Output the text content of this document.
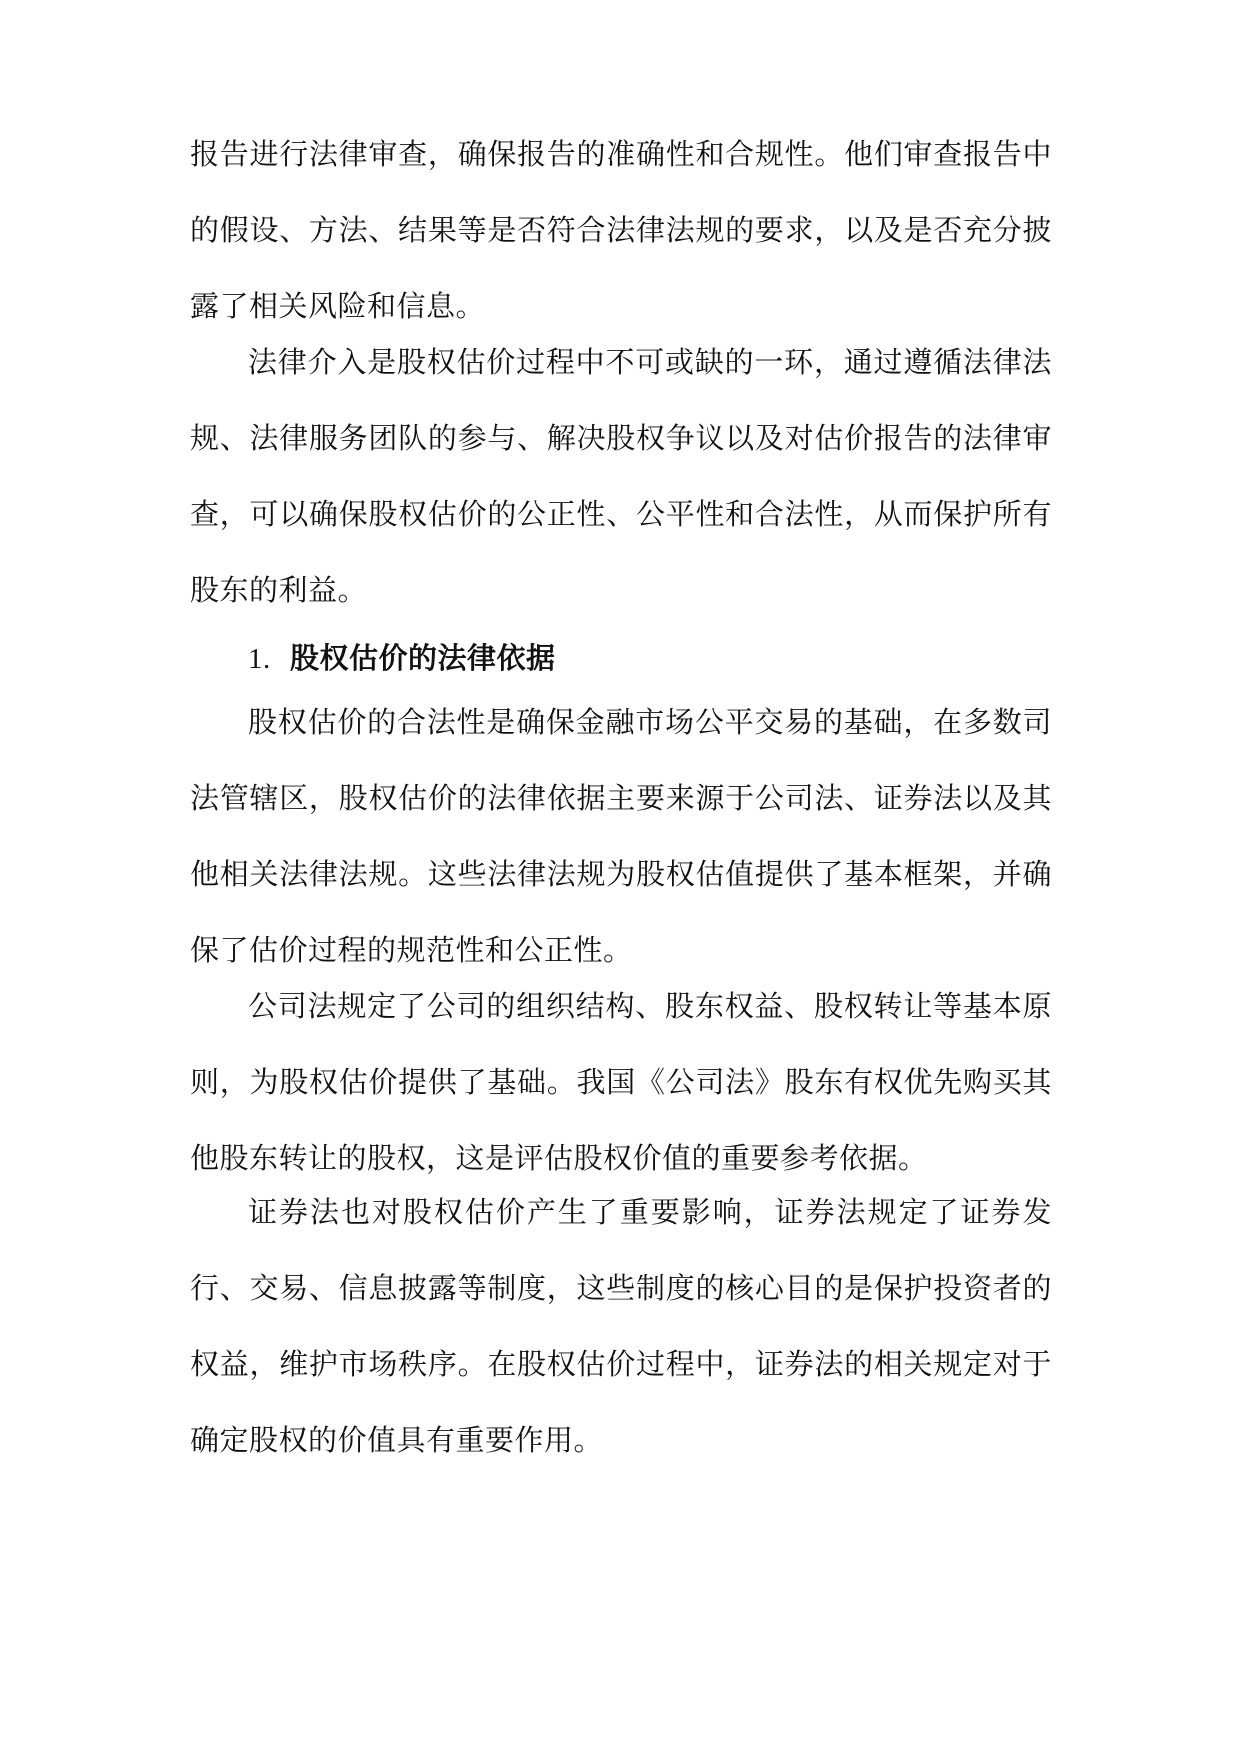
报告进行法律审查，确保报告的准确性和合规性。他们审查报告中的假设、方法、结果等是否符合法律法规的要求，以及是否充分披露了相关风险和信息。

法律介入是股权估价过程中不可或缺的一环，通过遵循法律法规、法律服务团队的参与、解决股权争议以及对估价报告的法律审查，可以确保股权估价的公正性、公平性和合法性，从而保护所有股东的利益。

1. 股权估价的法律依据

股权估价的合法性是确保金融市场公平交易的基础，在多数司法管辖区，股权估价的法律依据主要来源于公司法、证券法以及其他相关法律法规。这些法律法规为股权估值提供了基本框架，并确保了估价过程的规范性和公正性。

公司法规定了公司的组织结构、股东权益、股权转让等基本原则，为股权估价提供了基础。我国《公司法》股东有权优先购买其他股东转让的股权，这是评估股权价值的重要参考依据。

证券法也对股权估价产生了重要影响，证券法规定了证券发行、交易、信息披露等制度，这些制度的核心目的是保护投资者的权益，维护市场秩序。在股权估价过程中，证券法的相关规定对于确定股权的价值具有重要作用。
